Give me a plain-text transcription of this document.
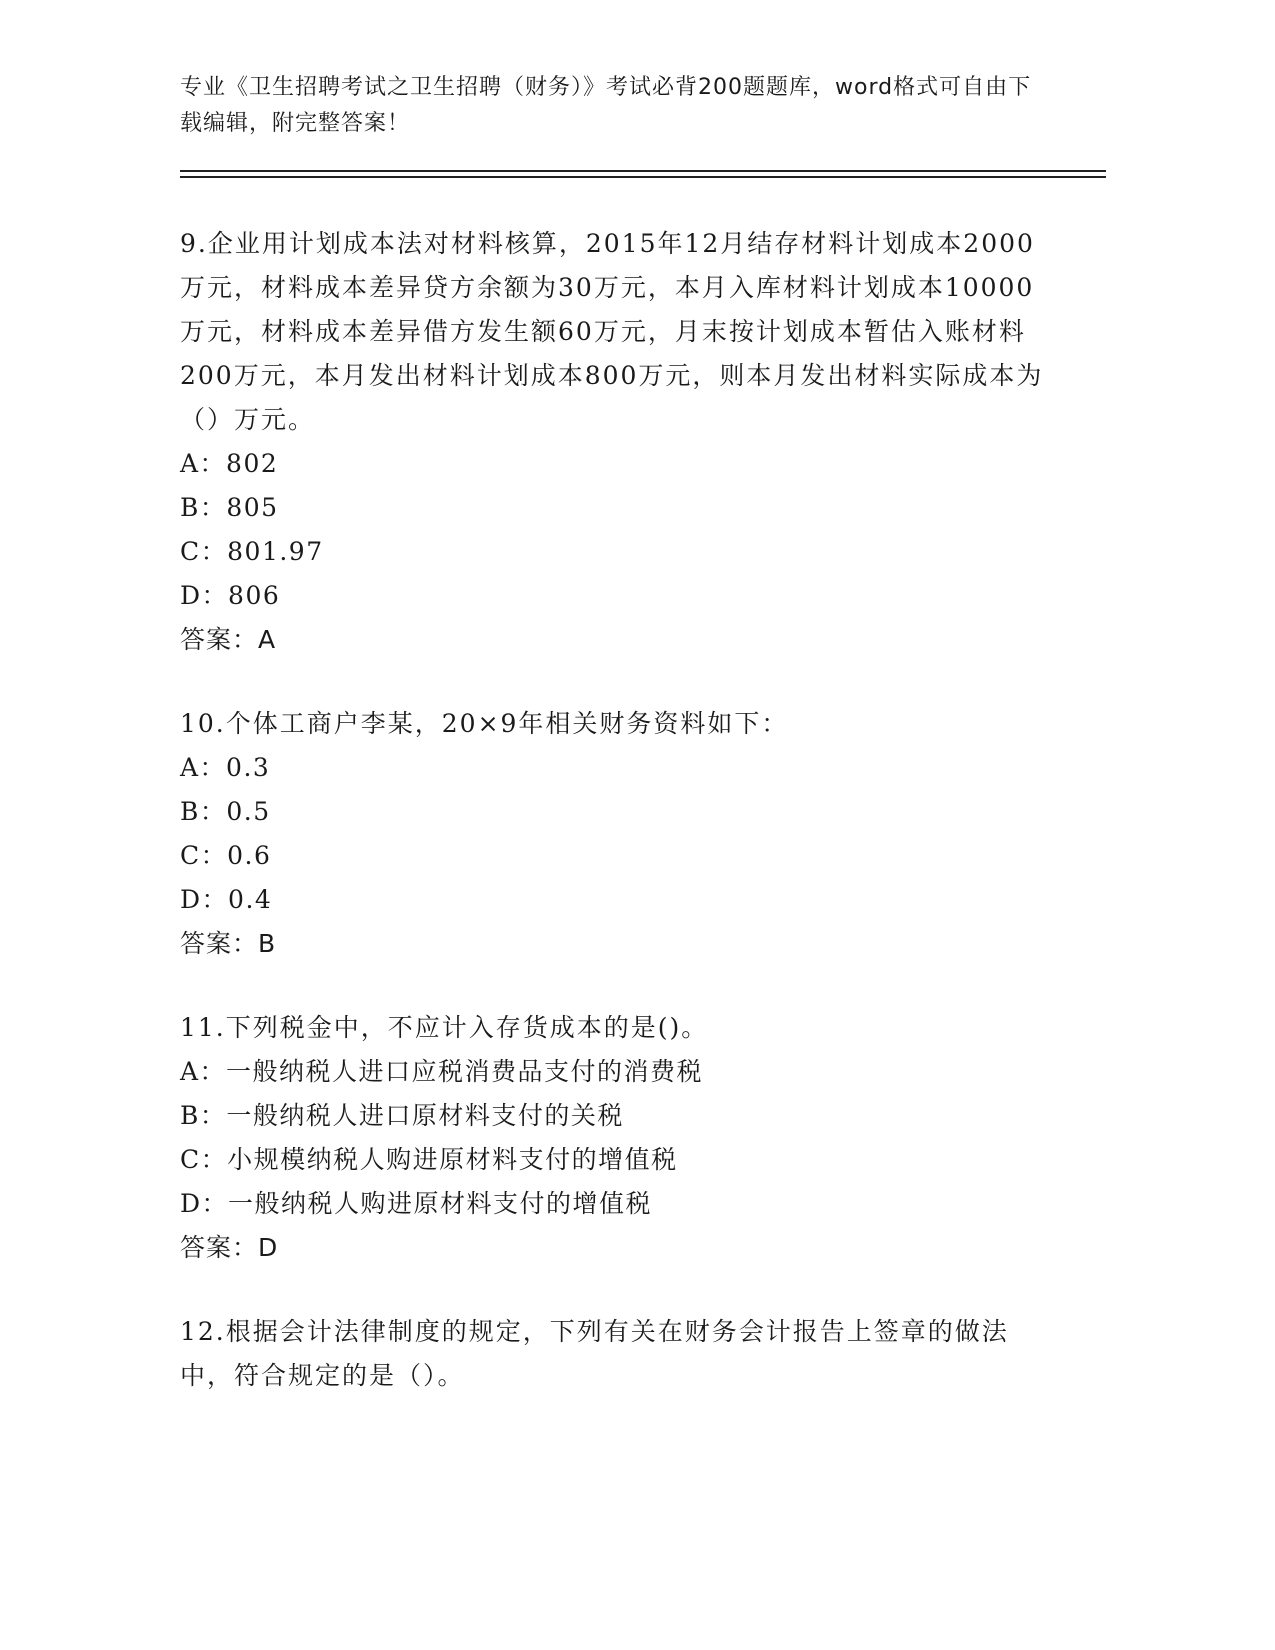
专业《卫生招聘考试之卫生招聘（财务）》考试必背200题题库，word格式可自由下载编辑，附完整答案！

9.企业用计划成本法对材料核算，2015年12月结存材料计划成本2000万元，材料成本差异贷方余额为30万元，本月入库材料计划成本10000万元，材料成本差异借方发生额60万元，月末按计划成本暂估入账材料200万元，本月发出材料计划成本800万元，则本月发出材料实际成本为（）万元。

A：802

B：805

C：801.97

D：806

答案：A

10.个体工商户李某，20×9年相关财务资料如下：

A：0.3

B：0.5

C：0.6

D：0.4

答案：B

11.下列税金中，不应计入存货成本的是()。

A：一般纳税人进口应税消费品支付的消费税

B：一般纳税人进口原材料支付的关税

C：小规模纳税人购进原材料支付的增值税

D：一般纳税人购进原材料支付的增值税

答案：D

12.根据会计法律制度的规定，下列有关在财务会计报告上签章的做法中，符合规定的是（）。
